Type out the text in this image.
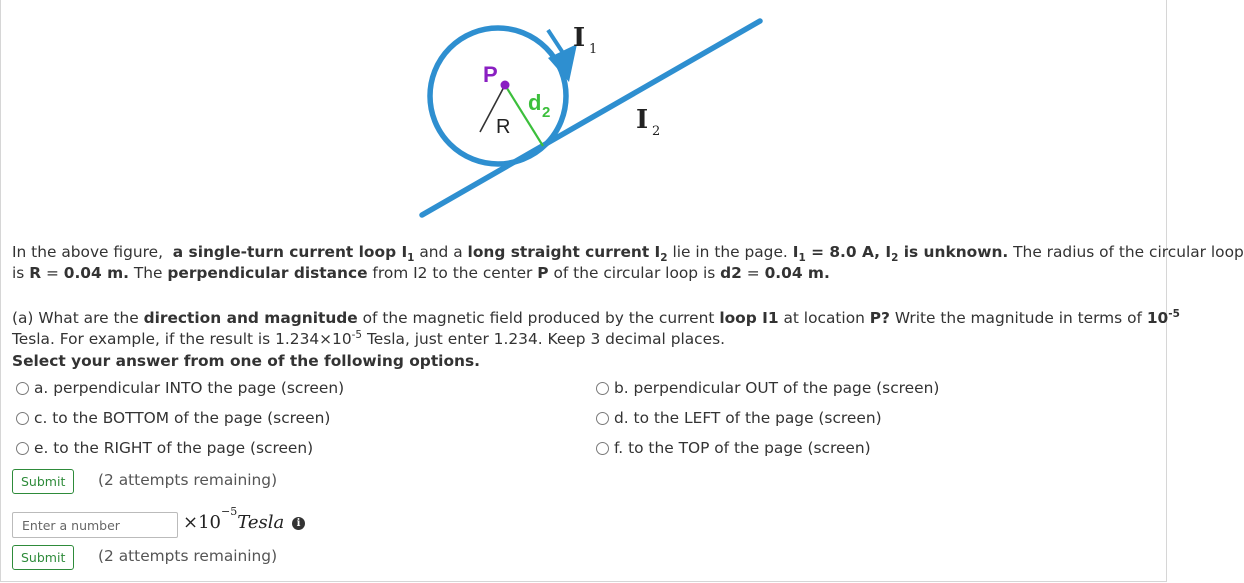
P
R
d 2
I 1
I 2
In the above figure, a single-turn current loop $I_1$ and a long straight current $I_2$ lie in the page. $I_1 = 8.0$ A, $I_2$ is unknown. The radius of the circular loop
is R = 0.04 m. The perpendicular distance from I2 to the center P of the circular loop is d2 = 0.04 m.
(a) What are the direction and magnitude of the magnetic field produced by the current loop I1 at location P? Write the magnitude in terms of $10^{-5}$
Tesla. For example, if the result is $1.234\times 10^{-5}$ Tesla, just enter 1.234. Keep 3 decimal places.
Select your answer from one of the following options.
a. perpendicular INTO the page (screen)	b. perpendicular OUT of the page (screen)
c. to the BOTTOM of the page (screen)	d. to the LEFT of the page (screen)
e. to the RIGHT of the page (screen)	f. to the TOP of the page (screen)
Submit	(2 attempts remaining)
Enter a number
$\times 10^{-5}Tesla$	i
Submit	(2 attempts remaining)
